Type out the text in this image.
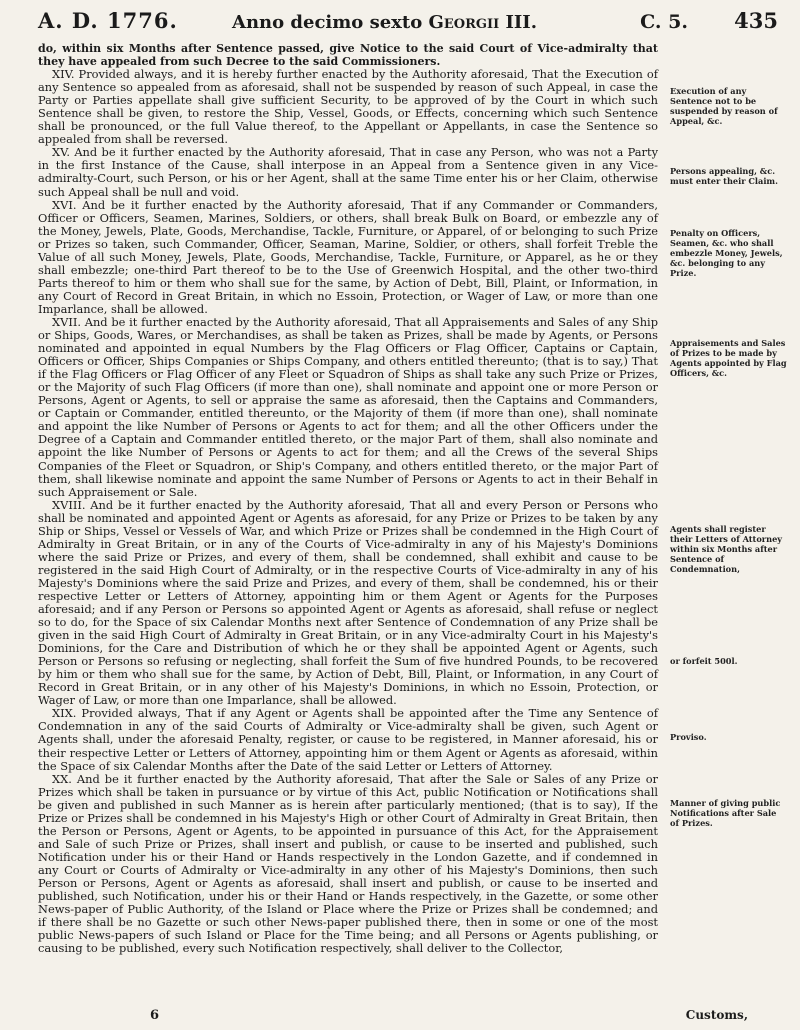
A. D. 1776.	Anno decimo sexto Georgii III.	C. 5. 435

do, within six Months after Sentence passed, give Notice to the said Court of Vice-admiralty that they have appealed from such Decree to the said Commissioners.

XIV. Provided always, and it is hereby further enacted by the Authority aforesaid, That the Execution of any Sentence so appealed from as aforesaid, shall not be suspended by reason of such Appeal, in case the Party or Parties appellate shall give sufficient Security, to be approved of by the Court in which such Sentence shall be given, to restore the Ship, Vessel, Goods, or Effects, concerning which such Sentence shall be pronounced, or the full Value thereof, to the Appellant or Appellants, in case the Sentence so appealed from shall be reversed.

XV. And be it further enacted by the Authority aforesaid, That in case any Person, who was not a Party in the first Instance of the Cause, shall interpose in an Appeal from a Sentence given in any Vice-admiralty-Court, such Person, or his or her Agent, shall at the same Time enter his or her Claim, otherwise such Appeal shall be null and void.

XVI. And be it further enacted by the Authority aforesaid, That if any Commander or Commanders, Officer or Officers, Seamen, Marines, Soldiers, or others, shall break Bulk on Board, or embezzle any of the Money, Jewels, Plate, Goods, Merchandise, Tackle, Furniture, or Apparel, of or belonging to such Prize or Prizes so taken, such Commander, Officer, Seaman, Marine, Soldier, or others, shall forfeit Treble the Value of all such Money, Jewels, Plate, Goods, Merchandise, Tackle, Furniture, or Apparel, as he or they shall embezzle; one-third Part thereof to be to the Use of Greenwich Hospital, and the other two-third Parts thereof to him or them who shall sue for the same, by Action of Debt, Bill, Plaint, or Information, in any Court of Record in Great Britain, in which no Essoin, Protection, or Wager of Law, or more than one Imparlance, shall be allowed.

XVII. And be it further enacted by the Authority aforesaid, That all Appraisements and Sales of any Ship or Ships, Goods, Wares, or Merchandises, as shall be taken as Prizes, shall be made by Agents, or Persons nominated and appointed in equal Numbers by the Flag Officers or Flag Officer, Captains or Captain, Officers or Officer, Ships Companies or Ships Company, and others entitled thereunto; (that is to say,) That if the Flag Officers or Flag Officer of any Fleet or Squadron of Ships as shall take any such Prize or Prizes, or the Majority of such Flag Officers (if more than one), shall nominate and appoint one or more Person or Persons, Agent or Agents, to sell or appraise the same as aforesaid, then the Captains and Commanders, or Captain or Commander, entitled thereunto, or the Majority of them (if more than one), shall nominate and appoint the like Number of Persons or Agents to act for them; and all the other Officers under the Degree of a Captain and Commander entitled thereto, or the major Part of them, shall also nominate and appoint the like Number of Persons or Agents to act for them; and all the Crews of the several Ships Companies of the Fleet or Squadron, or Ship's Company, and others entitled thereto, or the major Part of them, shall likewise nominate and appoint the same Number of Persons or Agents to act in their Behalf in such Appraisement or Sale.

XVIII. And be it further enacted by the Authority aforesaid, That all and every Person or Persons who shall be nominated and appointed Agent or Agents as aforesaid, for any Prize or Prizes to be taken by any Ship or Ships, Vessel or Vessels of War, and which Prize or Prizes shall be condemned in the High Court of Admiralty in Great Britain, or in any of the Courts of Vice-admiralty in any of his Majesty's Dominions where the said Prize or Prizes, and every of them, shall be condemned, shall exhibit and cause to be registered in the said High Court of Admiralty, or in the respective Courts of Vice-admiralty in any of his Majesty's Dominions where the said Prize and Prizes, and every of them, shall be condemned, his or their respective Letter or Letters of Attorney, appointing him or them Agent or Agents for the Purposes aforesaid; and if any Person or Persons so appointed Agent or Agents as aforesaid, shall refuse or neglect so to do, for the Space of six Calendar Months next after Sentence of Condemnation of any Prize shall be given in the said High Court of Admiralty in Great Britain, or in any Vice-admiralty Court in his Majesty's Dominions, for the Care and Distribution of which he or they shall be appointed Agent or Agents, such Person or Persons so refusing or neglecting, shall forfeit the Sum of five hundred Pounds, to be recovered by him or them who shall sue for the same, by Action of Debt, Bill, Plaint, or Information, in any Court of Record in Great Britain, or in any other of his Majesty's Dominions, in which no Essoin, Protection, or Wager of Law, or more than one Imparlance, shall be allowed.

XIX. Provided always, That if any Agent or Agents shall be appointed after the Time any Sentence of Condemnation in any of the said Courts of Admiralty or Vice-admiralty shall be given, such Agent or Agents shall, under the aforesaid Penalty, register, or cause to be registered, in Manner aforesaid, his or their respective Letter or Letters of Attorney, appointing him or them Agent or Agents as aforesaid, within the Space of six Calendar Months after the Date of the said Letter or Letters of Attorney.

XX. And be it further enacted by the Authority aforesaid, That after the Sale or Sales of any Prize or Prizes which shall be taken in pursuance or by virtue of this Act, public Notification or Notifications shall be given and published in such Manner as is herein after particularly mentioned; (that is to say), If the Prize or Prizes shall be condemned in his Majesty's High or other Court of Admiralty in Great Britain, then the Person or Persons, Agent or Agents, to be appointed in pursuance of this Act, for the Appraisement and Sale of such Prize or Prizes, shall insert and publish, or cause to be inserted and published, such Notification under his or their Hand or Hands respectively in the London Gazette, and if condemned in any Court or Courts of Admiralty or Vice-admiralty in any other of his Majesty's Dominions, then such Person or Persons, Agent or Agents as aforesaid, shall insert and publish, or cause to be inserted and published, such Notification, under his or their Hand or Hands respectively, in the Gazette, or some other News-paper of Public Authority, of the Island or Place where the Prize or Prizes shall be condemned; and if there shall be no Gazette or such other News-paper published there, then in some or one of the most public News-papers of such Island or Place for the Time being; and all Persons or Agents publishing, or causing to be published, every such Notification respectively, shall deliver to the Collector,

Execution of any Sentence not to be suspended by reason of Appeal, &c.
Persons appealing, &c. must enter their Claim.
Penalty on Officers, Seamen, &c. who shall embezzle Money, Jewels, &c. belonging to any Prize.
Appraisements and Sales of Prizes to be made by Agents appointed by Flag Officers, &c.
Agents shall register their Letters of Attorney within six Months after Sentence of Condemnation,
or forfeit 500l.
Proviso.
Manner of giving public Notifications after Sale of Prizes.
6	Customs,
